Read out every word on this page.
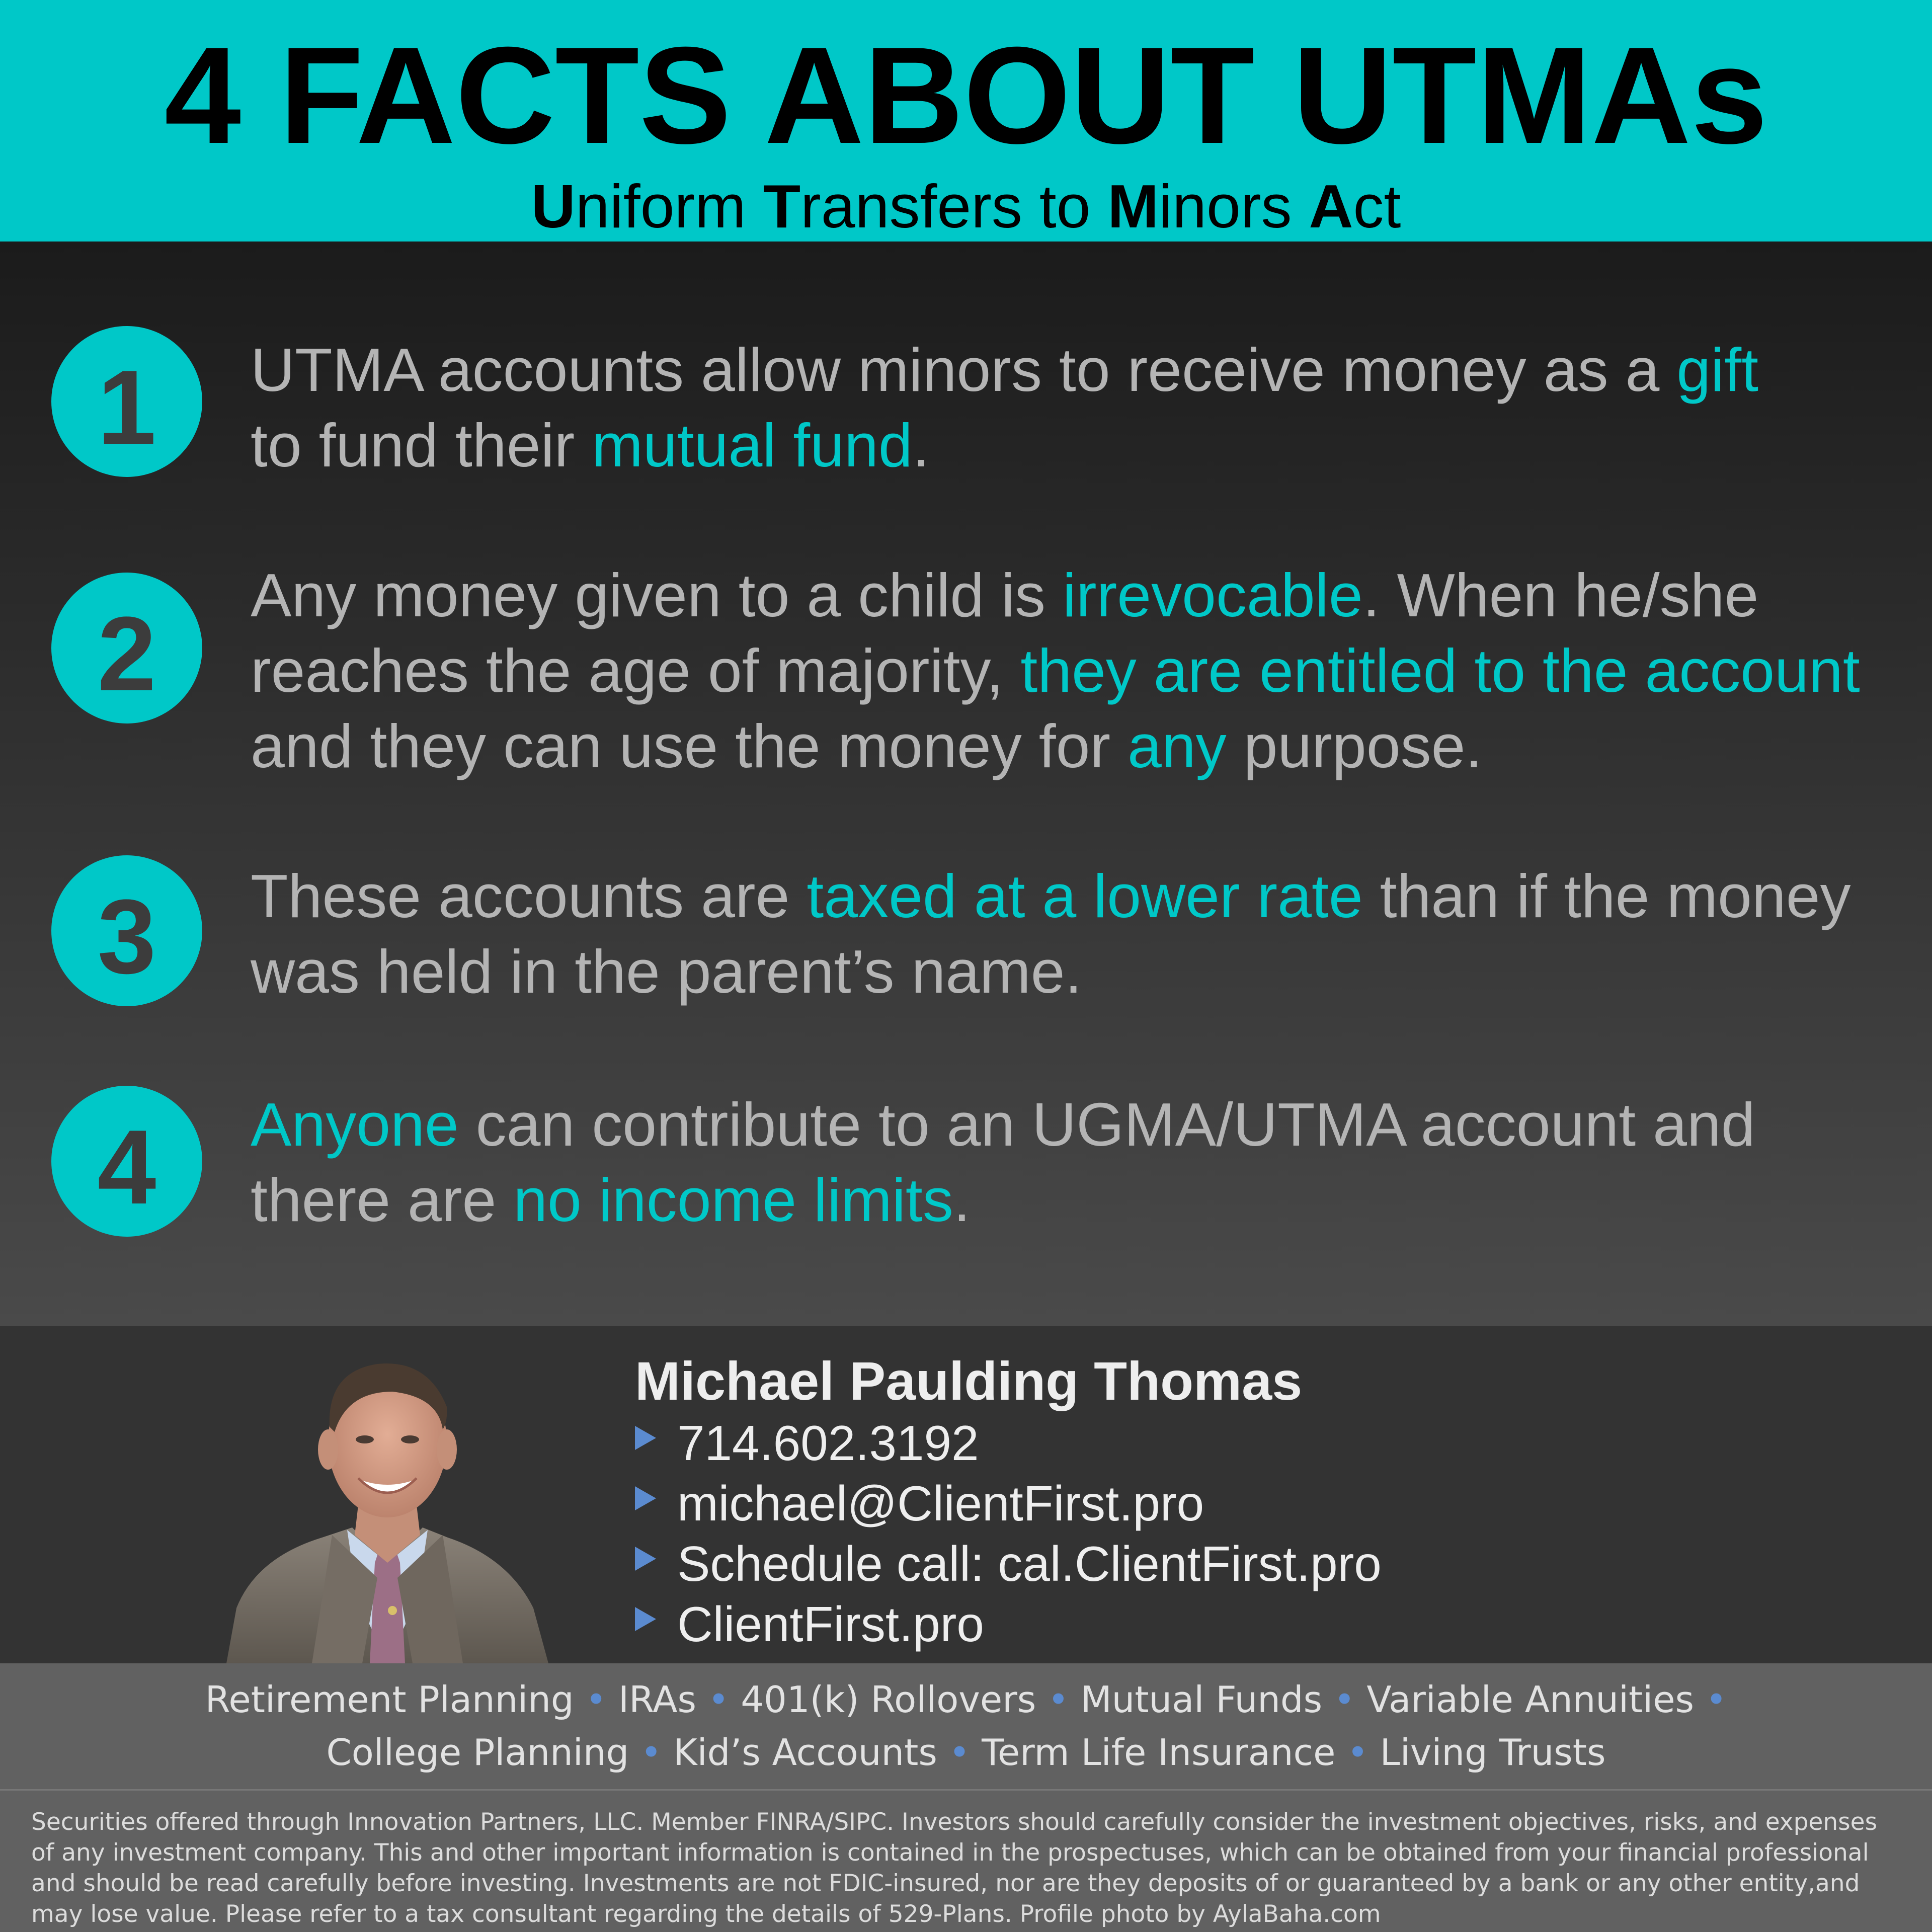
4 FACTS ABOUT UTMAs
Uniform Transfers to Minors Act
1	UTMA accounts allow minors to receive money as a gift
to fund their mutual fund.
2	Any money given to a child is irrevocable. When he/she reaches the age of majority, they are entitled to the account and they can use the money for any purpose.
3	These accounts are taxed at a lower rate than if the money was held in the parent’s name.
4	Anyone can contribute to an UGMA/UTMA account and there are no income limits.
Michael Paulding Thomas
714.602.3192
michael@ClientFirst.pro
Schedule call: cal.ClientFirst.pro
ClientFirst.pro
Retirement Planning • IRAs • 401(k) Rollovers • Mutual Funds • Variable Annuities •
College Planning • Kid’s Accounts • Term Life Insurance • Living Trusts
Securities offered through Innovation Partners, LLC. Member FINRA/SIPC. Investors should carefully consider the investment objectives, risks, and expenses of any investment company. This and other important information is contained in the prospectuses, which can be obtained from your financial professional and should be read carefully before investing. Investments are not FDIC-insured, nor are they deposits of or guaranteed by a bank or any other entity,and may lose value. Please refer to a tax consultant regarding the details of 529-Plans. Profile photo by AylaBaha.com
